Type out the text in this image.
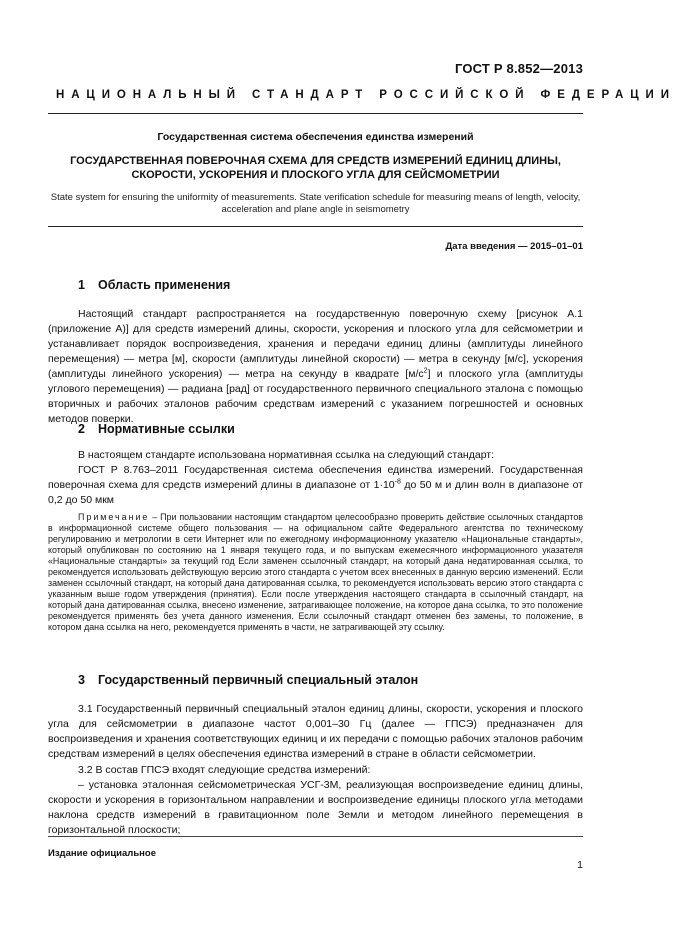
ГОСТ Р 8.852—2013
НАЦИОНАЛЬНЫЙ СТАНДАРТ РОССИЙСКОЙ ФЕДЕРАЦИИ
Государственная система обеспечения единства измерений
ГОСУДАРСТВЕННАЯ ПОВЕРОЧНАЯ СХЕМА ДЛЯ СРЕДСТВ ИЗМЕРЕНИЙ ЕДИНИЦ ДЛИНЫ, СКОРОСТИ, УСКОРЕНИЯ И ПЛОСКОГО УГЛА ДЛЯ СЕЙСМОМЕТРИИ
State system for ensuring the uniformity of measurements. State verification schedule for measuring means of length, velocity, acceleration and plane angle in seismometry
Дата введения — 2015–01–01
1 Область применения
Настоящий стандарт распространяется на государственную поверочную схему [рисунок А.1 (приложение А)] для средств измерений длины, скорости, ускорения и плоского угла для сейсмометрии и устанавливает порядок воспроизведения, хранения и передачи единиц длины (амплитуды линейного перемещения) — метра [м], скорости (амплитуды линейной скорости) — метра в секунду [м/с], ускорения (амплитуды линейного ускорения) — метра на секунду в квадрате $[м/с^2]$ и плоского угла (амплитуды углового перемещения) — радиана [рад] от государственного первичного специального эталона с помощью вторичных и рабочих эталонов рабочим средствам измерений с указанием погрешностей и основных методов поверки.
2 Нормативные ссылки
В настоящем стандарте использована нормативная ссылка на следующий стандарт:
ГОСТ Р 8.763–2011 Государственная система обеспечения единства измерений. Государственная поверочная схема для средств измерений длины в диапазоне от $1\cdot 10^{-8}$ до 50 м и длин волн в диапазоне от 0,2 до 50 мкм
Примечание – При пользовании настоящим стандартом целесообразно проверить действие ссылочных стандартов в информационной системе общего пользования — на официальном сайте Федерального агентства по техническому регулированию и метрологии в сети Интернет или по ежегодному информационному указателю «Национальные стандарты», который опубликован по состоянию на 1 января текущего года, и по выпускам ежемесячного информационного указателя «Национальные стандарты» за текущий год Если заменен ссылочный стандарт, на который дана недатированная ссылка, то рекомендуется использовать действующую версию этого стандарта с учетом всех внесенных в данную версию изменений. Если заменен ссылочный стандарт, на который дана датированная ссылка, то рекомендуется использовать версию этого стандарта с указанным выше годом утверждения (принятия). Если после утверждения настоящего стандарта в ссылочный стандарт, на который дана датированная ссылка, внесено изменение, затрагивающее положение, на которое дана ссылка, то это положение рекомендуется применять без учета данного изменения. Если ссылочный стандарт отменен без замены, то положение, в котором дана ссылка на него, рекомендуется применять в части, не затрагивающей эту ссылку.
3 Государственный первичный специальный эталон
3.1 Государственный первичный специальный эталон единиц длины, скорости, ускорения и плоского угла для сейсмометрии в диапазоне частот 0,001–30 Гц (далее — ГПСЭ) предназначен для воспроизведения и хранения соответствующих единиц и их передачи с помощью рабочих эталонов рабочим средствам измерений в целях обеспечения единства измерений в стране в области сейсмометрии.
3.2 В состав ГПСЭ входят следующие средства измерений:
– установка эталонная сейсмометрическая УСГ-3М, реализующая воспроизведение единиц длины, скорости и ускорения в горизонтальном направлении и воспроизведение единицы плоского угла методами наклона средств измерений в гравитационном поле Земли и методом линейного перемещения в горизонтальной плоскости;
Издание официальное
1
